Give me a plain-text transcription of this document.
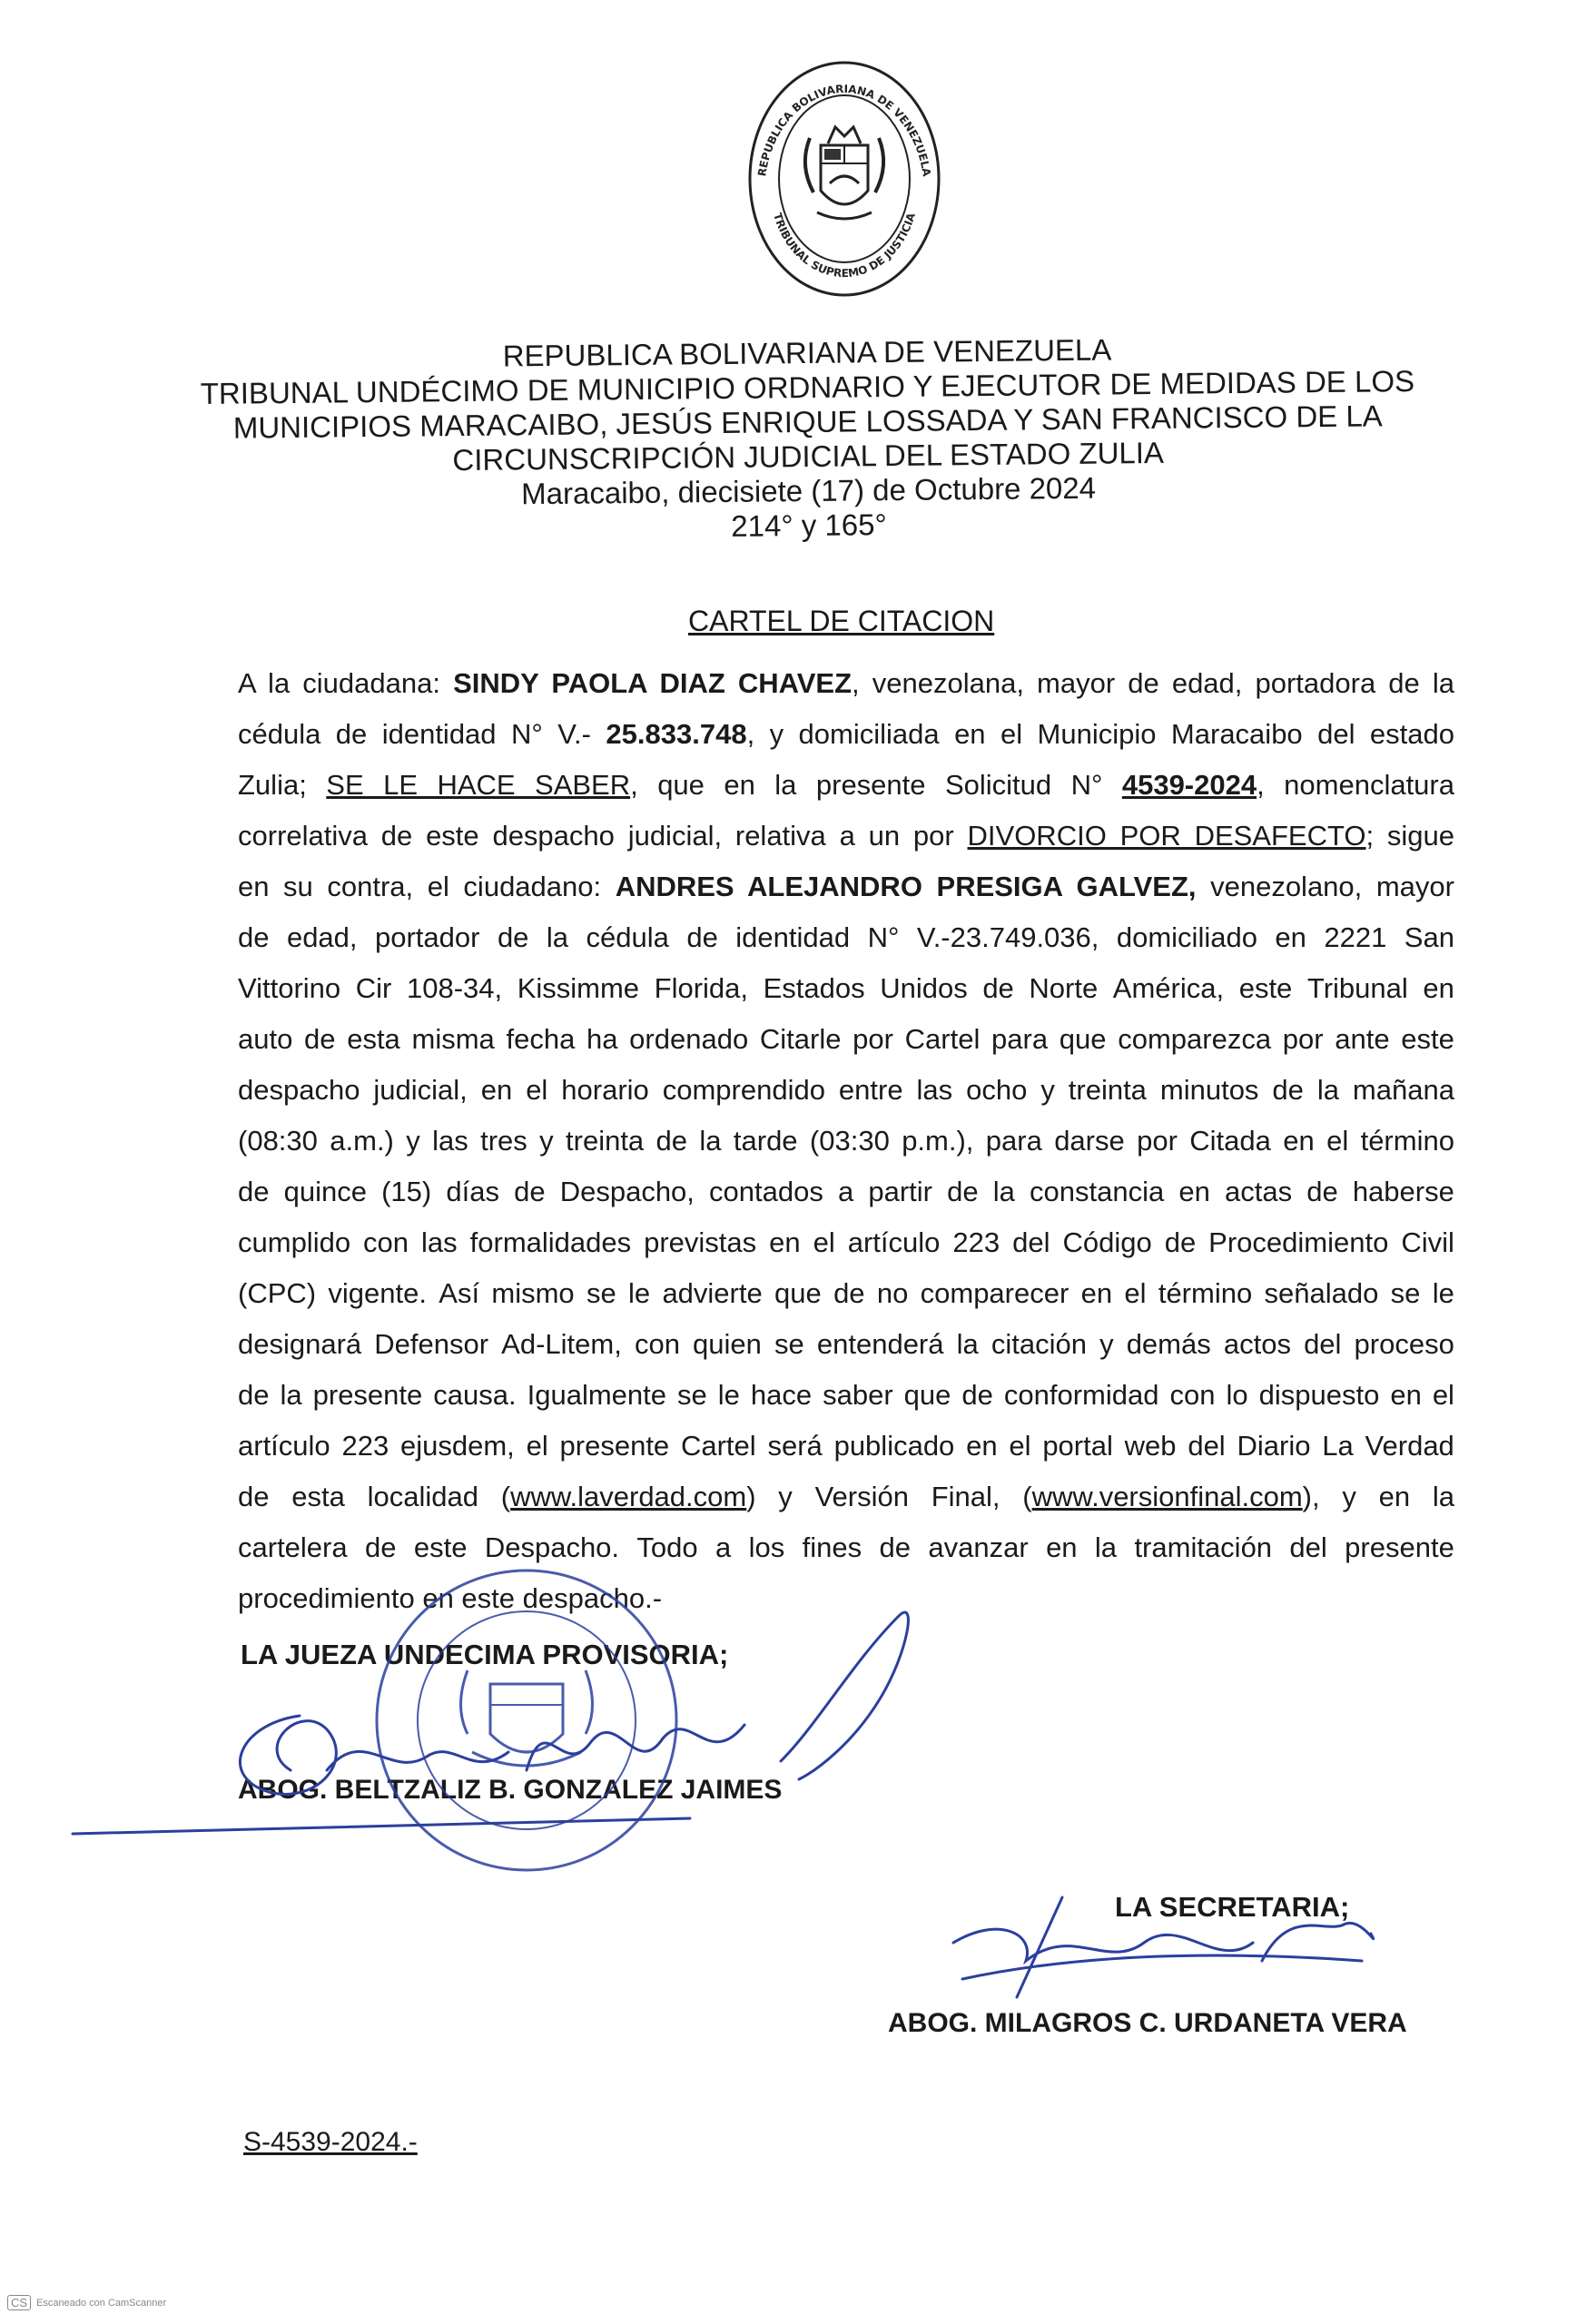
REPUBLICA BOLIVARIANA DE VENEZUELA
TRIBUNAL SUPREMO DE JUSTICIA
REPUBLICA BOLIVARIANA DE VENEZUELA
TRIBUNAL UNDÉCIMO DE MUNICIPIO ORDNARIO Y EJECUTOR DE MEDIDAS DE LOS
MUNICIPIOS MARACAIBO, JESÚS ENRIQUE LOSSADA Y SAN FRANCISCO DE LA
CIRCUNSCRIPCIÓN JUDICIAL DEL ESTADO ZULIA
Maracaibo, diecisiete (17) de Octubre 2024
214° y 165°
CARTEL DE CITACION
A la ciudadana: SINDY PAOLA DIAZ CHAVEZ, venezolana, mayor de edad, portadora de la
cédula de identidad N° V.- 25.833.748, y domiciliada en el Municipio Maracaibo del estado
Zulia; SE LE HACE SABER, que en la presente Solicitud N° 4539-2024, nomenclatura
correlativa de este despacho judicial, relativa a un por DIVORCIO POR DESAFECTO; sigue
en su contra, el ciudadano: ANDRES ALEJANDRO PRESIGA GALVEZ, venezolano, mayor
de edad, portador de la cédula de identidad N° V.-23.749.036, domiciliado en 2221 San
Vittorino Cir 108-34, Kissimme Florida, Estados Unidos de Norte América, este Tribunal en
auto de esta misma fecha ha ordenado Citarle por Cartel para que comparezca por ante este
despacho judicial, en el horario comprendido entre las ocho y treinta minutos de la mañana
(08:30 a.m.) y las tres y treinta de la tarde (03:30 p.m.), para darse por Citada en el término
de quince (15) días de Despacho, contados a partir de la constancia en actas de haberse
cumplido con las formalidades previstas en el artículo 223 del Código de Procedimiento Civil
(CPC) vigente. Así mismo se le advierte que de no comparecer en el término señalado se le
designará Defensor Ad-Litem, con quien se entenderá la citación y demás actos del proceso
de la presente causa. Igualmente se le hace saber que de conformidad con lo dispuesto en el
artículo 223 ejusdem, el presente Cartel será publicado en el portal web del Diario La Verdad
de esta localidad (www.laverdad.com) y Versión Final, (www.versionfinal.com), y en la
cartelera de este Despacho. Todo a los fines de avanzar en la tramitación del presente
procedimiento en este despacho.-
LA JUEZA UNDECIMA PROVISORIA;
ABOG. BELTZALIZ B. GONZALEZ JAIMES
LA SECRETARIA;
ABOG. MILAGROS C. URDANETA VERA
S-4539-2024.-
CS Escaneado con CamScanner
